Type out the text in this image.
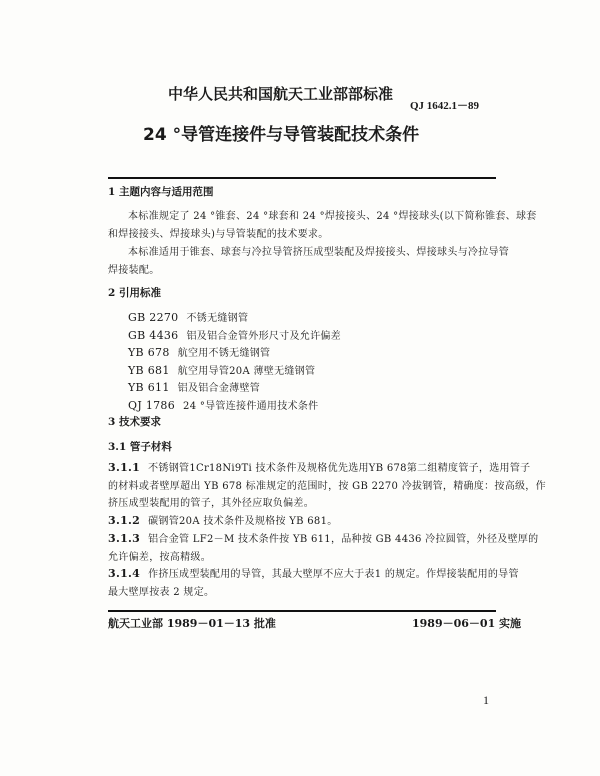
中华人民共和国航天工业部部标准
QJ 1642.1－89
24 °导管连接件与导管装配技术条件
1 主题内容与适用范围
本标准规定了 24 °锥套、24 °球套和 24 °焊接接头、24 °焊接球头(以下简称锥套、球套
和焊接接头、焊接球头)与导管装配的技术要求。
本标准适用于锥套、球套与冷拉导管挤压成型装配及焊接接头、焊接球头与冷拉导管
焊接装配。
2 引用标准
GB 2270 不锈无缝钢管
GB 4436 铝及铝合金管外形尺寸及允许偏差
YB 678 航空用不锈无缝钢管
YB 681 航空用导管20A 薄壁无缝钢管
YB 611 铝及铝合金薄壁管
QJ 1786 24 °导管连接件通用技术条件
3 技术要求
3.1 管子材料
3.1.1 不锈钢管1Cr18Ni9Ti 技术条件及规格优先选用YB 678第二组精度管子，选用管子
的材料或者壁厚超出 YB 678 标准规定的范围时，按 GB 2270 冷拔钢管，精确度：按高级，作
挤压成型装配用的管子，其外径应取负偏差。
3.1.2 碳钢管20A 技术条件及规格按 YB 681。
3.1.3 铝合金管 LF2－M 技术条件按 YB 611，品种按 GB 4436 冷拉圆管，外径及壁厚的
允许偏差，按高精级。
3.1.4 作挤压成型装配用的导管，其最大壁厚不应大于表1 的规定。作焊接装配用的导管
最大壁厚按表 2 规定。
航天工业部 1989－01－13 批准	1989－06－01 实施
1
